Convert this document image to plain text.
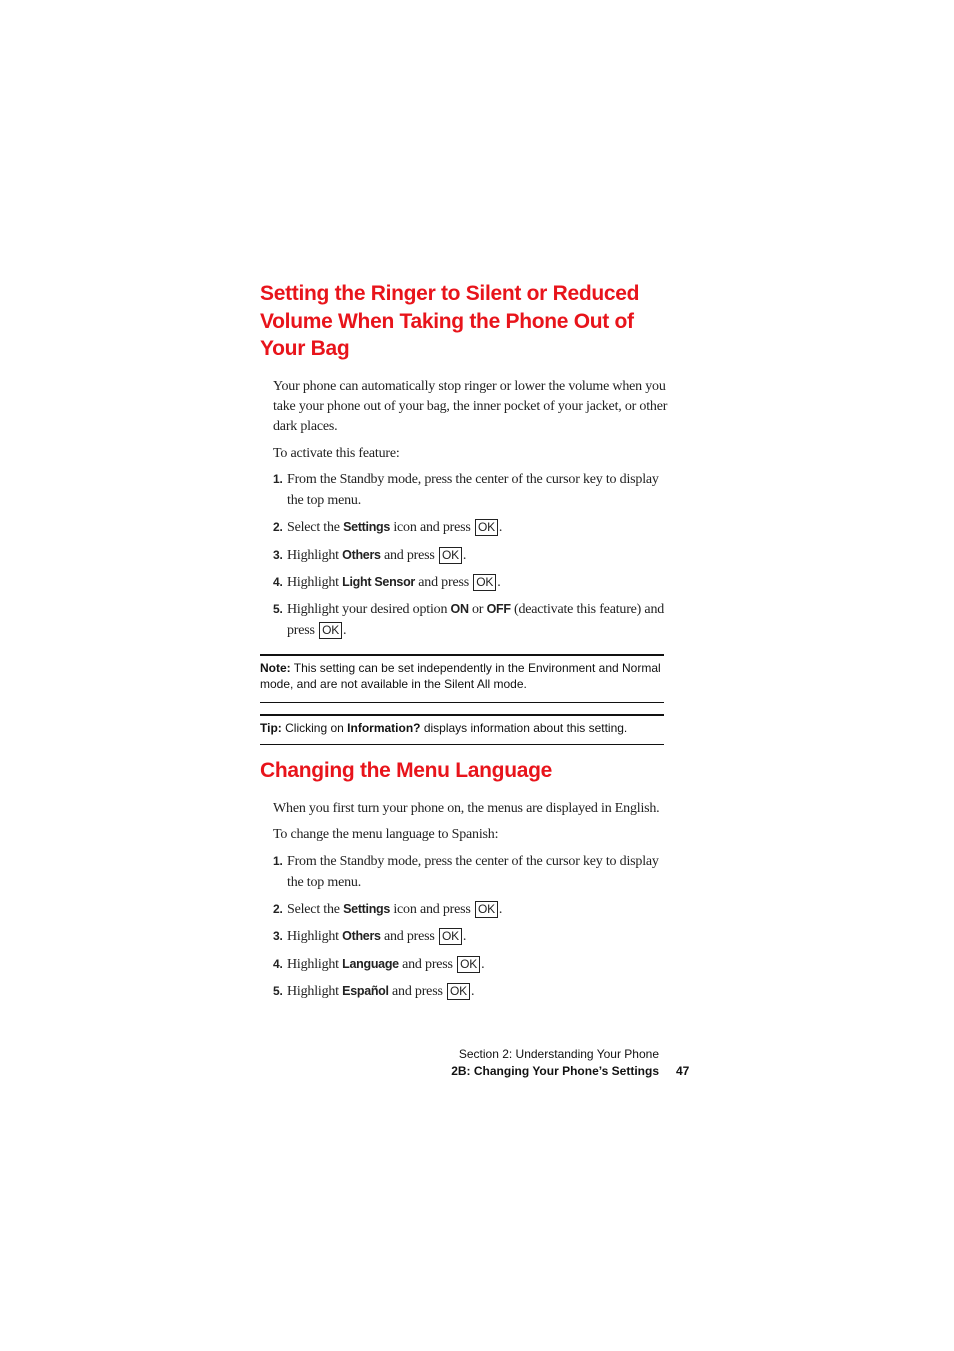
Setting the Ringer to Silent or Reduced Volume When Taking the Phone Out of Your Bag

Your phone can automatically stop ringer or lower the volume when you take your phone out of your bag, the inner pocket of your jacket, or other dark places.

To activate this feature:

1. From the Standby mode, press the center of the cursor key to display the top menu.
2. Select the Settings icon and press OK .
3. Highlight Others and press OK .
4. Highlight Light Sensor and press OK .
5. Highlight your desired option ON or OFF (deactivate this feature) and press OK .
Note: This setting can be set independently in the Environment and Normal mode, and are not available in the Silent All mode.
Tip: Clicking on Information? displays information about this setting.
Changing the Menu Language

When you first turn your phone on, the menus are displayed in English.

To change the menu language to Spanish:

1. From the Standby mode, press the center of the cursor key to display the top menu.
2. Select the Settings icon and press OK .
3. Highlight Others and press OK .
4. Highlight Language and press OK .
5. Highlight Español and press OK .
Section 2: Understanding Your Phone
2B: Changing Your Phone’s Settings 47
